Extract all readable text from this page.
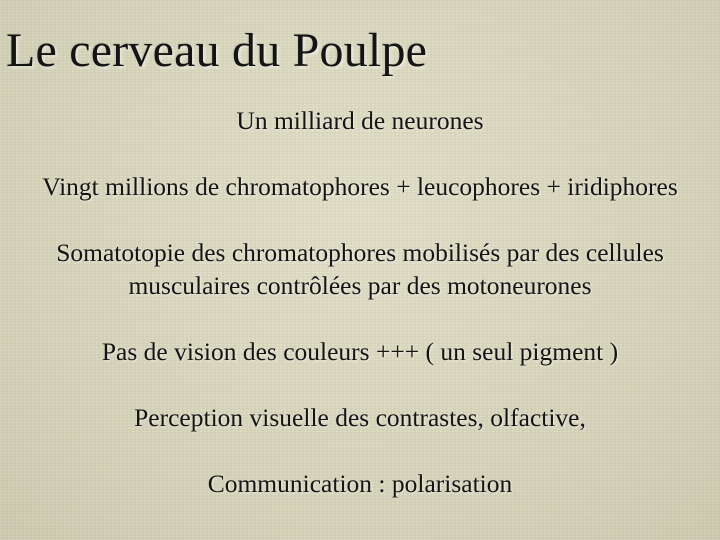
Le cerveau du Poulpe

Un milliard de neurones

Vingt millions de chromatophores + leucophores + iridiphores

Somatotopie des chromatophores mobilisés par des cellules musculaires contrôlées par des motoneurones

Pas de vision des couleurs +++ ( un seul pigment )

Perception visuelle des contrastes, olfactive,

Communication : polarisation
